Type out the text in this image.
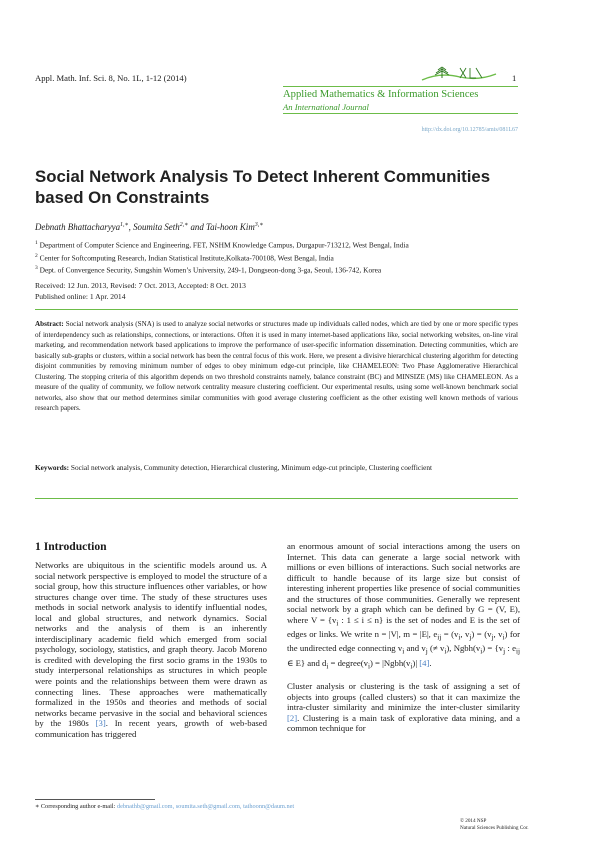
Appl. Math. Inf. Sci. 8, No. 1L, 1-12 (2014)	1
Applied Mathematics & Information Sciences
An International Journal
http://dx.doi.org/10.12785/amis/081L67
Social Network Analysis To Detect Inherent Communities based On Constraints
Debnath Bhattacharyya$^{1,∗}$, Soumita Seth$^{2,∗}$ and Tai-hoon Kim$^{3,∗}$
$^1$ Department of Computer Science and Engineering, FET, NSHM Knowledge Campus, Durgapur-713212, West Bengal, India
$^2$ Center for Softcomputing Research, Indian Statistical Institute,Kolkata-700108, West Bengal, India
$^3$ Dept. of Convergence Security, Sungshin Women’s University, 249-1, Dongseon-dong 3-ga, Seoul, 136-742, Korea
Received: 12 Jun. 2013, Revised: 7 Oct. 2013, Accepted: 8 Oct. 2013
Published online: 1 Apr. 2014
Abstract: Social network analysis (SNA) is used to analyze social networks or structures made up individuals called nodes, which are tied by one or more specific types of interdependency such as relationships, connections, or interactions. Often it is used in many internet-based applications like, social networking websites, on-line viral marketing, and recommendation network based applications to improve the performance of user-specific information dissemination. Detecting communities, which are basically sub-graphs or clusters, within a social network has been the central focus of this work. Here, we present a divisive hierarchical clustering algorithm for detecting disjoint communities by removing minimum number of edges to obey minimum edge-cut principle, like CHAMELEON: Two Phase Agglomerative Hierarchical Clustering. The stopping criteria of this algorithm depends on two threshold constraints namely, balance constraint (BC) and MINSIZE (MS) like CHAMELEON. As a measure of the quality of community, we follow network centrality measure clustering coefficient. Our experimental results, using some well-known benchmark social networks, also show that our method determines similar communities with good average clustering coefficient as the other existing well known methods of various research papers.
Keywords: Social network analysis, Community detection, Hierarchical clustering, Minimum edge-cut principle, Clustering coefficient
1 Introduction

Networks are ubiquitous in the scientific models around us. A social network perspective is employed to model the structure of a social group, how this structure influences other variables, or how structures change over time. The study of these structures uses methods in social network analysis to identify influential nodes, local and global structures, and network dynamics. Social networks and the analysis of them is an inherently interdisciplinary academic field which emerged from social psychology, sociology, statistics, and graph theory. Jacob Moreno is credited with developing the first socio grams in the 1930s to study interpersonal relationships as structures in which people were points and the relationships between them were drawn as connecting lines. These approaches were mathematically formalized in the 1950s and theories and methods of social networks became pervasive in the social and behavioral sciences by the 1980s [3]. In recent years, growth of web-based communication has triggered

an enormous amount of social interactions among the users on Internet. This data can generate a large social network with millions or even billions of interactions. Such social networks are difficult to handle because of its large size but consist of interesting inherent properties like presence of social communities and the structures of those communities. Generally we represent social network by a graph which can be defined by G = (V, E), where $V = \{v_i$ : 1 ≤ i ≤ n} is the set of nodes and E is the set of edges or links. We write n = |V|, m = |E|, $e_{ij} = (v_i$, $v_j) = (v_j$, $v_i$) for the undirected edge connecting $v_i$ and $v_j$ (≠ $v_i$), $Ngbh(v_i) = \{v_j$ : $e_{ij}$ ∈ E} and $d_i$ = $degree(v_i)$ = $|Ngbh(v_i)|$ [4].

Cluster analysis or clustering is the task of assigning a set of objects into groups (called clusters) so that it can maximize the intra-cluster similarity and minimize the inter-cluster similarity [2]. Clustering is a main task of explorative data mining, and a common technique for

∗ Corresponding author e-mail: debnathb@gmail.com, soumita.seth@gmail.com, taihoonn@daum.net
© 2014 NSP
Natural Sciences Publishing Cor.
